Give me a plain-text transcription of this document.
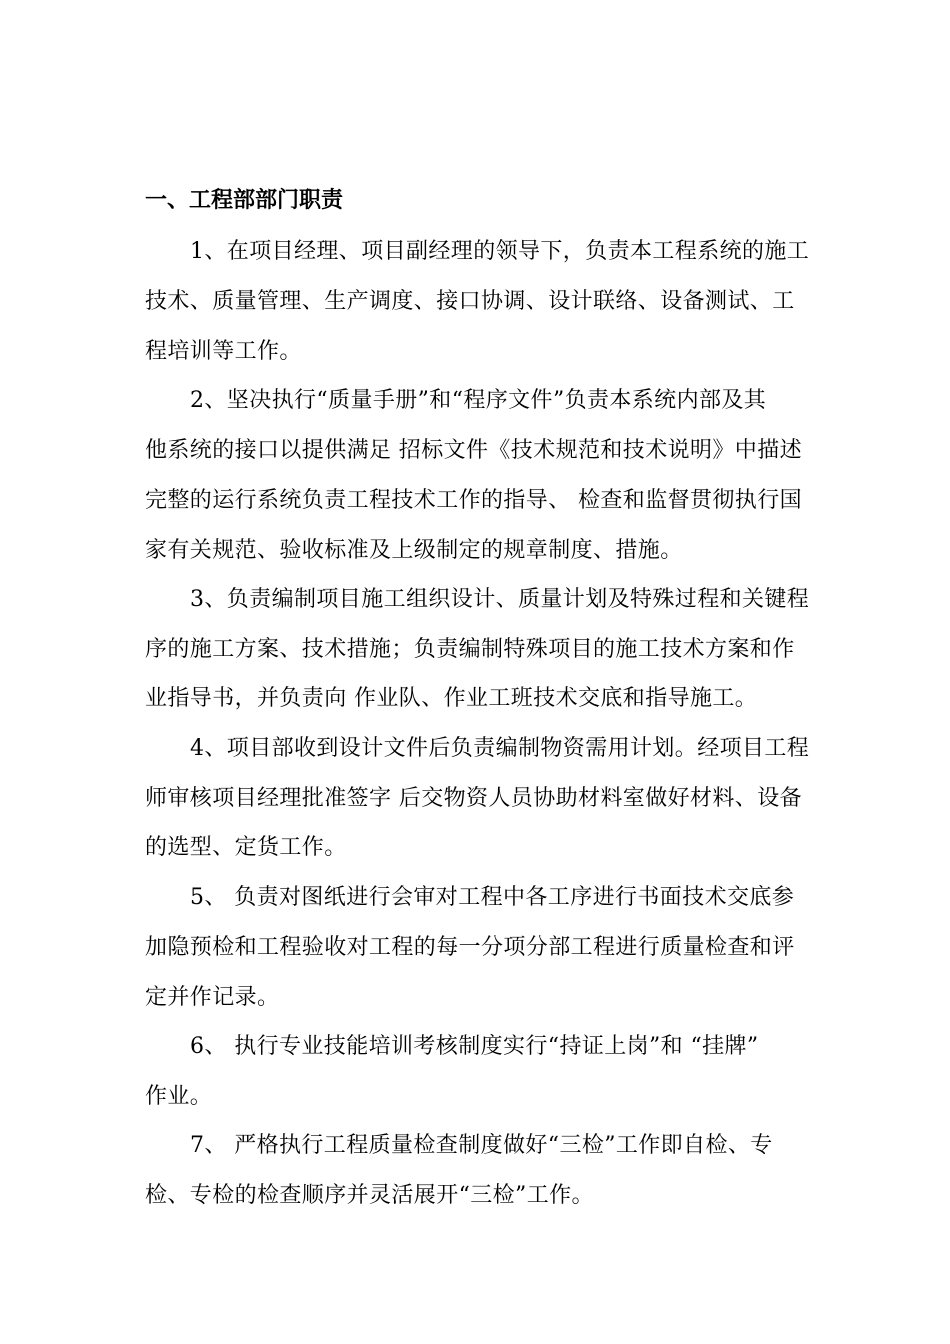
一、工程部部门职责
1、在项目经理、项目副经理的领导下，负责本工程系统的施工
技术、质量管理、生产调度、接口协调、设计联络、设备测试、工
程培训等工作。
2、坚决执行“质量手册”和“程序文件”负责本系统内部及其
他系统的接口以提供满足 招标文件《技术规范和技术说明》中描述
完整的运行系统负责工程技术工作的指导、 检查和监督贯彻执行国
家有关规范、验收标准及上级制定的规章制度、措施。
3、负责编制项目施工组织设计、质量计划及特殊过程和关键程
序的施工方案、技术措施；负责编制特殊项目的施工技术方案和作
业指导书，并负责向 作业队、作业工班技术交底和指导施工。
4、项目部收到设计文件后负责编制物资需用计划。经项目工程
师审核项目经理批准签字 后交物资人员协助材料室做好材料、设备
的选型、定货工作。
5、 负责对图纸进行会审对工程中各工序进行书面技术交底参
加隐预检和工程验收对工程的每一分项分部工程进行质量检查和评
定并作记录。
6、 执行专业技能培训考核制度实行“持证上岗”和 “挂牌”
作业。
7、 严格执行工程质量检查制度做好“三检”工作即自检、专
检、专检的检查顺序并灵活展开“三检”工作。
